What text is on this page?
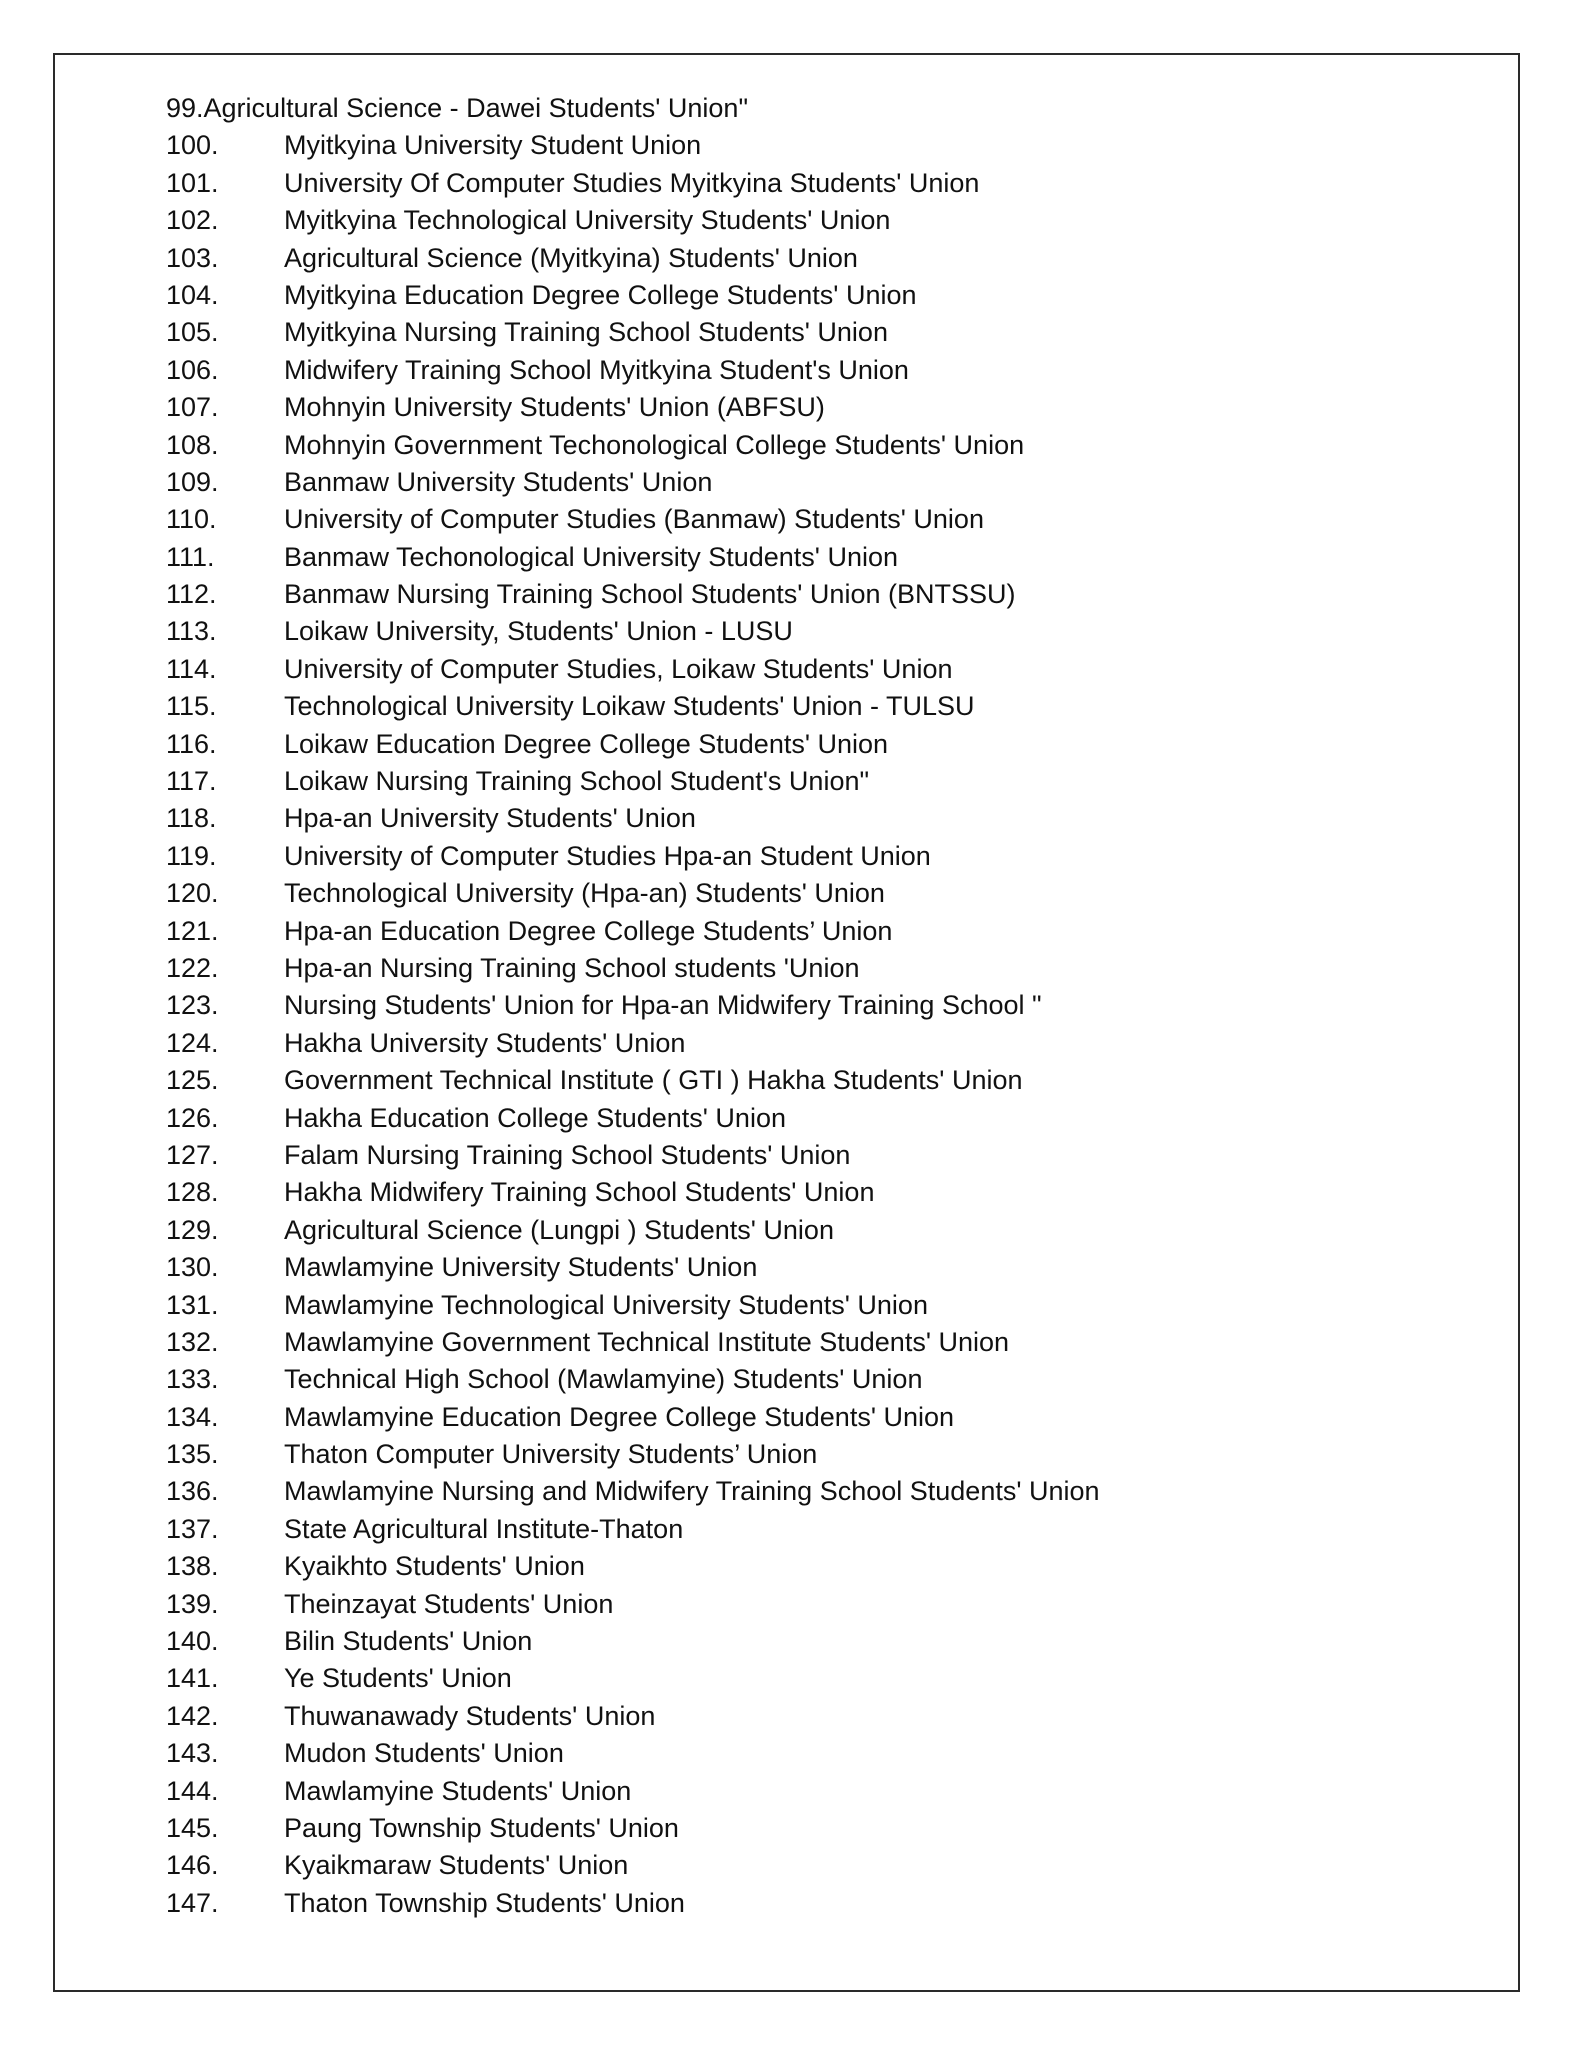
99.Agricultural Science - Dawei Students' Union"
100.	Myitkyina University Student Union
101.	University Of Computer Studies Myitkyina Students' Union
102.	Myitkyina Technological University Students' Union
103.	Agricultural Science (Myitkyina) Students' Union
104.	Myitkyina Education Degree College Students' Union
105.	Myitkyina Nursing Training School Students' Union
106.	Midwifery Training School Myitkyina Student's Union
107.	Mohnyin University Students' Union (ABFSU)
108.	Mohnyin Government Techonological College Students' Union
109.	Banmaw University Students' Union
110.	University of Computer Studies (Banmaw) Students' Union
111.	Banmaw Techonological University Students' Union
112.	Banmaw Nursing Training School Students' Union (BNTSSU)
113.	Loikaw University, Students' Union - LUSU
114.	University of Computer Studies, Loikaw Students' Union
115.	Technological University Loikaw Students' Union - TULSU
116.	Loikaw Education Degree College Students' Union
117.	Loikaw Nursing Training School Student's Union"
118.	Hpa-an University Students' Union
119.	University of Computer Studies Hpa-an Student Union
120.	Technological University (Hpa-an) Students' Union
121.	Hpa-an Education Degree College Students’ Union
122.	Hpa-an Nursing Training School students 'Union
123.	Nursing Students' Union for Hpa-an Midwifery Training School "
124.	Hakha University Students' Union
125.	Government Technical Institute ( GTI ) Hakha Students' Union
126.	Hakha Education College Students' Union
127.	Falam Nursing Training School Students' Union
128.	Hakha Midwifery Training School Students' Union
129.	Agricultural Science (Lungpi ) Students' Union
130.	Mawlamyine University Students' Union
131.	Mawlamyine Technological University Students' Union
132.	Mawlamyine Government Technical Institute Students' Union
133.	Technical High School (Mawlamyine) Students' Union
134.	Mawlamyine Education Degree College Students' Union
135.	Thaton Computer University Students’ Union
136.	Mawlamyine Nursing and Midwifery Training School Students' Union
137.	State Agricultural Institute-Thaton
138.	Kyaikhto Students' Union
139.	Theinzayat Students' Union
140.	Bilin Students' Union
141.	Ye Students' Union
142.	Thuwanawady Students' Union
143.	Mudon Students' Union
144.	Mawlamyine Students' Union
145.	Paung Township Students' Union
146.	Kyaikmaraw Students' Union
147.	Thaton Township Students' Union
